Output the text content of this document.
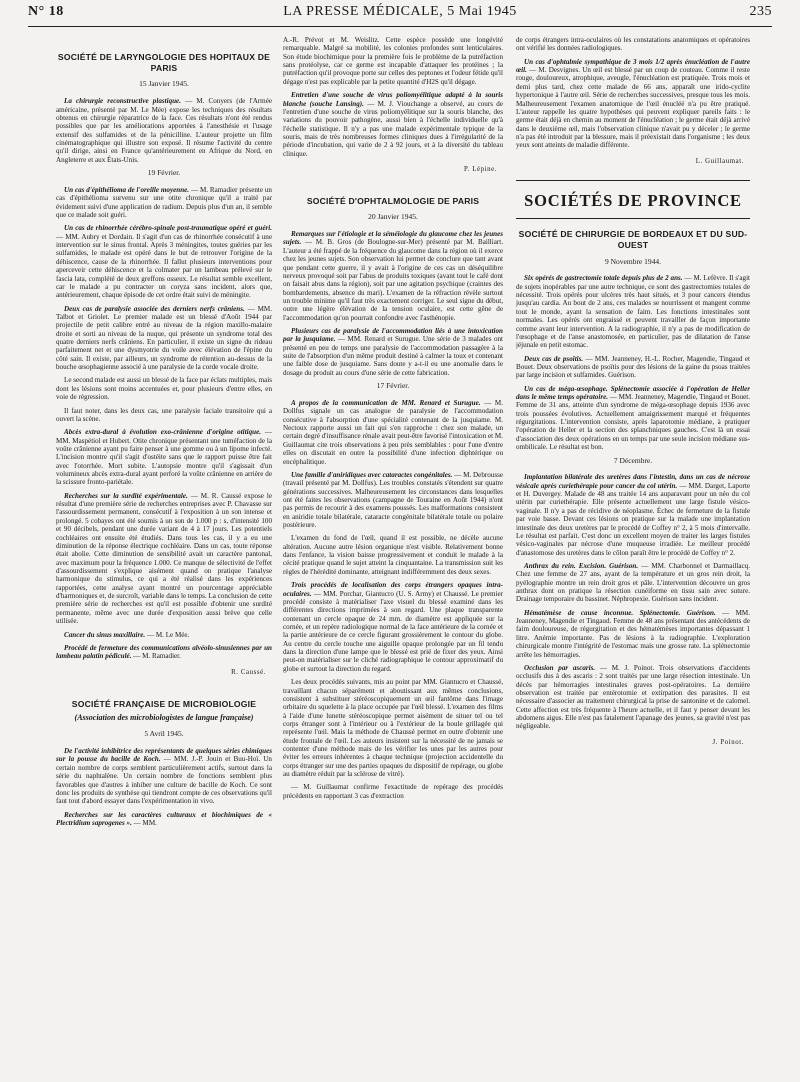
N° 18	LA PRESSE MÉDICALE, 5 Mai 1945	235
SOCIÉTÉ DE LARYNGOLOGIE DES HOPITAUX DE PARIS
15 Janvier 1945.

La chirurgie reconstructive plastique. — M. Conyers (de l'Armée américaine, présenté par M. Le Mée) expose les techniques des résultats obtenus en chirurgie réparatrice de la face. Ces résultats n'ont été rendus possibles que par les améliorations apportées à l'anesthésie et l'usage extensif des sulfamides et de la pénicilline. L'auteur projette un film cinématographique qui illustre son exposé. Il résume l'activité du centre qu'il dirige, ainsi en France qu'antérieurement en Afrique du Nord, en Angleterre et aux États-Unis.

19 Février.

Un cas d'épithélioma de l'oreille moyenne. — M. Ramadier présente un cas d'épithélioma survenu sur une otite chronique qu'il a traité par évidement suivi d'une application de radium. Depuis plus d'un an, il semble que ce malade soit guéri.

Un cas de rhinorrhée cérébro-spinale post-traumatique opéré et guéri. — MM. Aubry et Dordain. Il s'agit d'un cas de rhinorrhée consécutif à une intervention sur le sinus frontal. Après 3 méningites, toutes guéries par les sulfamides, le malade est opéré dans le but de retrouver l'origine de la déhiscence, cause de la rhinorrhée. Il fallut plusieurs interventions pour aperceveir cette déhiscence et la colmater par un lambeau prélevé sur le fascia lata, complété de deux greffons osseux. Le résultat semble excellent, car le malade a pu contracter un coryza sans incident, alors que, antérieurement, chaque épisode de cet ordre était suivi de méningite.

Deux cas de paralysie associée des derniers nerfs crâniens. — MM. Talbot et Griolet. Le premier malade est un blessé d'Août 1944 par projectile de petit calibre entré au niveau de la région maxillo-malaire droite et sorti au niveau de la nuque, qui présente un syndrome total des quatre derniers nerfs crâniens. En particulier, il existe un signe du rideau parfaitement net et une dysmyotrie du voile avec élévation de l'épine du côté sain. Il existe, par ailleurs, un syndrome de rétention au-dessus de la bouche œsophagienne associé à une paralysie de la corde vocale droite.

Le second malade est aussi un blessé de la face par éclats multiples, mais dont les lésions sont moins accentuées et, pour plusieurs d'entre elles, en voie de régression.

Il faut noter, dans les deux cas, une paralysie faciale transitoire qui a ouvert la scène.

Abcès extra-dural à évolution exo-crânienne d'origine otitique. — MM. Maspétiol et Hubert. Otite chronique présentant une tuméfaction de la voûte crânienne ayant pu faire penser à une gomme ou à un lipome infecté. L'incision montre qu'il s'agit d'ostéite sans que le rapport puisse être fait avec l'otorrhée. Mort subite. L'autopsie montre qu'il s'agissait d'un volumineux abcès extra-dural ayant perforé la voûte crânienne en arrière de la scissure fronto-pariétale.

Recherches sur la surdité expérimentale. — M. R. Caussé expose le résultat d'une première série de recherches entreprises avec P. Chavasse sur l'assourdissement permanent, consécutif à l'exposition à un son intense et prolongé. 5 cobayes ont été soumis à un son de 1.000 p : s, d'intensité 100 et 90 décibels, pendant une durée variant de 4 à 17 jours. Les potentiels cochléaires ont ensuite été étudiés. Dans tous les cas, il y a eu une diminution de la réponse électrique cochléaire. Dans un cas, toute réponse était abolie. Cette diminution de sensibilité avait un caractère pantonal, avec maximum pour la fréquence 1.000. Ce manque de sélectivité de l'effet d'assourdissement s'explique aisément quand on pratique l'analyse harmonique du stimulus, ce qui a été réalisé dans les expériences rapportées, cette analyse ayant montré un pourcentage appréciable d'harmoniques et, de surcroît, variable dans le temps. La conclusion de cette première série de recherches est qu'il est possible d'obtenir une surdité permanente, même avec une durée d'exposition aussi brève que celle utilisée.

Cancer du sinus maxillaire. — M. Le Mée.

Procédé de fermeture des communications alvéolo-sinusiennes par un lambeau palatin pédiculé. — M. Ramadier.

R. Caussé.
SOCIÉTÉ FRANÇAISE DE MICROBIOLOGIE
(Association des microbiologistes de langue française)
5 Avril 1945.

De l'activité inhibitrice des représentants de quelques séries chimiques sur la pousse du bacille de Koch. — MM. J.-P. Jouin et Buu-Hoï. Un certain nombre de corps semblent particulièrement actifs, surtout dans la série du naphtalène. Un certain nombre de fonctions semblent plus favorables que d'autres à inhiber une culture de bacille de Koch. Ce sont donc les produits de synthèse qui tiendront compte de ces observations qu'il faut tout d'abord essayer dans l'expérimentation in vivo.

Recherches sur les caractères culturaux et biochimiques de « Plectridium saprogenes ». — MM.

A.-R. Prévot et M. Weislitz. Cette espèce possède une longévité remarquable. Malgré sa mobilité, les colonies profondes sont lenticulaires. Son étude biochimique pour la première fois le problème de la putréfaction sans protéolyse, car ce germe est incapable d'attaquer les protéines ; la putréfaction qu'il provoque porte sur celles des peptones et l'odeur fétide qu'il dégage n'est pas explicable par la petite quantité d'H2S qu'il dégage.

Entretien d'une souche de virus poliomyélitique adapté à la souris blanche (souche Lansing). — M. J. Viouchange a observé, au cours de l'entretien d'une souche de virus poliomyélitique sur la souris blanche, des variations du pouvoir pathogène, aussi bien à l'échelle individuelle qu'à l'échelle statistique. Il n'y a pas une malade expérimentale typique de la souris, mais de très nombreuses formes cliniques dues à l'irrégularité de la période d'incubation, qui varie de 2 à 92 jours, et à la diversité du tableau clinique.

P. Lépine.
SOCIÉTÉ D'OPHTALMOLOGIE DE PARIS
20 Janvier 1945.

Remarques sur l'étiologie et la séméiologie du glaucome chez les jeunes sujets. — M. B. Gros (de Boulogne-sur-Mer) présenté par M. Bailliart. L'auteur a été frappé de la fréquence du glaucome dans la région où il exerce chez les jeunes sujets. Son observation lui permet de conclure que tant avant que pendant cette guerre, il y avait à l'origine de ces cas un déséquilibre nerveux provoqué soit par l'abus de produits toxiques (avant tout le café dont on faisait abus dans la région), soit par une agitation psychique (craintes des bombardements, absence du mari). L'examen de la réfraction révèle surtout un trouble minime qu'il faut très exactement corriger. Le seul signe du début, outre une légère élévation de la tension oculaire, est cette gêne de l'accommodation qu'on pourrait confondre avec l'asthénopie.

Plusieurs cas de paralysie de l'accommodation liés à une intoxication par la jusquiame. — MM. Renard et Surugue. Une série de 3 malades ont présenté en peu de temps une paralysie de l'accommodation passagère à la suite de l'absorption d'un même produit destiné à calmer la toux et contenant une faible dose de jusquiame. Sans doute y a-t-il eu une anomalie dans le dosage du produit au cours d'une série de cette fabrication.

17 Février.

A propos de la communication de MM. Renard et Surugue. — M. Dollfus signale un cas analogue de paralysie de l'accommodation consécutive à l'absorption d'une spécialité contenant de la jusquiame. M. Nectoux rapporte aussi un fait qui s'en rapproche : chez son malade, un certain degré d'insuffisance rénale avait peut-être favorisé l'intoxication et M. Guillaumat cite trois observations à peu près semblables : pour l'une d'entre elles on discutait en outre la possibilité d'une infection diphtérique ou encéphalitique.

Une famille d'aniridiques avec cataractes congénitales. — M. Debrousse (travail présenté par M. Dollfus). Les troubles constatés s'étendent sur quatre générations successives. Malheureusement les circonstances dans lesquelles ont été faites les observations (campagne de Touraine en Août 1944) n'ont pas permis de recourir à des examens poussés. Les malformations consistent en aniridie totale bilatérale, cataracte congénitale bilatérale totale ou polaire postérieure.

L'examen du fond de l'œil, quand il est possible, ne décèle aucune altération. Aucune autre lésion organique n'est visible. Relativement bonne dans l'enfance, la vision baisse progressivement et conduit le malade à la cécité pratique quand le sujet atteint la cinquantaine. La transmission suit les règles de l'hérédité dominante, atteignant indifféremment des deux sexes.

Trois procédés de localisation des corps étrangers opaques intra-oculaires. — MM. Porchar, Giantucro (U. S. Army) et Chaussé. Le premier procédé consiste à matérialiser l'axe visuel du blessé examiné dans les différentes directions imprimées à son regard. Une plaque transparente contenant un cercle opaque de 24 mm. de diamètre est appliquée sur la cornée, et un repère radiologique normal de la face antérieure de la cornée et la partie antérieure de ce cercle figurant grossièrement le contour du globe. Au centre du cercle touche une aiguille opaque prolongée par un fil tendu dans la direction d'une lampe que le blessé est prié de fixer des yeux. Ainsi peut-on matérialiser sur le cliché radiographique le contour approximatif du globe et surtout la direction du regard.

Les deux procédés suivants, mis au point par MM. Giantucro et Chaussé, travaillant chacun séparément et aboutissant aux mêmes conclusions, consistent à substituer stéréoscopiquement un œil fantôme dans l'image orbitaire du squelette à la place occupée par l'œil blessé. L'examen des films à l'aide d'une lunette stéréoscopique permet aisément de situer tel ou tel corps étranger sont à l'intérieur ou à l'extérieur de la boule grillagée qui représente l'œil. Mais la méthode de Chaussé permet en outre d'obtenir une étude frontale de l'œil. Les auteurs insistent sur la nécessité de ne jamais se contenter d'une méthode mais de les vérifier les unes par les autres pour éviter les erreurs inhérentes à chaque technique (projection accidentelle du corps étranger sur une des parties opaques du dispositif de repérage, ou globe au diamètre réduit par la sclérose de vitré).

— M. Guillaumat confirme l'exactitude de repérage des procédés précédents en rapportant 3 cas d'extraction

de corps étrangers intra-oculaires où les constatations anatomiques et opératoires ont vérifié les données radiologiques.

Un cas d'ophtalmie sympathique de 3 mois 1/2 après énucléation de l'autre œil. — M. Desvignes. Un œil est blessé par un coup de couteau. Comme il reste rouge, douloureux, atrophique, aveugle, l'énucléation est pratiquée. Trois mois et demi plus tard, chez cette malade de 66 ans, apparaît une irido-cyclite hypertonique à l'autre œil. Série de recherches successives, presque tous les mois. Malheureusement l'examen anatomique de l'œil énucléé n'a pu être pratiqué. L'auteur rappelle les quatre hypothèses qui peuvent expliquer pareils faits : le germe était déjà en chemin au moment de l'énucléation ; le germe était déjà arrivé dans le deuxième œil, mais l'observation clinique n'avait pu y déceler ; le germe n'a pas été introduit par la blessure, mais il préexistait dans l'organisme ; les deux yeux sont atteints de maladie différente.

L. Guillaumat.
SOCIÉTÉS DE PROVINCE
SOCIÉTÉ DE CHIRURGIE DE BORDEAUX ET DU SUD-OUEST
9 Novembre 1944.

Six opérés de gastrectomie totale depuis plus de 2 ans. — M. Lefèvre. Il s'agit de sujets inopérables par une autre technique, ce sont des gastrectomies totales de nécessité. Trois opérés pour ulcères très haut situés, et 3 pour cancers étendus jusqu'au cardia. Au bout de 2 ans, ces malades se nourrissent et mangent comme tout le monde, ayant la sensation de faim. Les fonctions intestinales sont normales. Les opérés ont engraissé et peuvent travailler de façon importante comme avant leur intervention. A la radiographie, il n'y a pas de modification de l'œsophage et de l'anse anastomosée, en particulier, pas de dilatation de l'anse jéjunale en petit estomac.

Deux cas de psoïtis. — MM. Jeanneney, H.-L. Rocher, Magendie, Tingaud et Bouet. Deux observations de psoïtis pour des lésions de la gaine du psoas traitées par large incision et sulfamides. Guérison.

Un cas de méga-œsophage. Splénectomie associée à l'opération de Heller dans le même temps opératoire. — MM. Jeanneney, Magendie, Tingaud et Bouet. Femme de 31 ans, atteinte d'un syndrome de méga-œsophage depuis 1936 avec trois poussées évolutives. Actuellement amaigrissement marqué et fréquentes régurgitations. L'intervention consiste, après laparotomie médiane, à pratiquer l'opération de Heller et la section des splanchniques gauches. C'est là un essai d'association des deux opérations en un temps par une seule incision médiane sus-ombilicale. Le résultat est bon.

7 Décembre.

Implantation bilatérale des uretères dans l'intestin, dans un cas de nécrose vésicale après curiethérapie pour cancer du col utérin. — MM. Darget, Laporte et H. Duvergey. Malade de 48 ans traitée 14 ans auparavant pour un néo du col utérin par curiethérapie. Elle présente actuellement une large fistule vésico-vaginale. Il n'y a pas de récidive de néoplasme. Échec de fermeture de la fistule par voie basse. Devant ces lésions on pratique sur la malade une implantation intestinale des deux uretères par le procédé de Coffey n° 2, à 5 mois d'intervalle. Le résultat est parfait. C'est donc un excellent moyen de traiter les larges fistules vésico-vaginales par nécrose d'une muqueuse irradiée. Le meilleur procédé d'anastomose des uretères dans le côlon paraît être le procédé de Coffey n° 2.

Anthrax du rein. Excision. Guérison. — MM. Charbonnel et Darmaillacq. Chez une femme de 27 ans, ayant de la température et un gros rein droit, la pyélographie montre un rein droit gros et pâle. L'intervention découvre un gros anthrax dont on pratique la résection cunéiforme en tissu sain avec suture. Drainage temporaire du bassinet. Néphropexie. Guérison sans incident.

Hématémèse de cause inconnue. Splénectomie. Guérison. — MM. Jeanneney, Magendie et Tingaud. Femme de 48 ans présentant des antécédents de faim douloureuse, de régurgitation et des hématémèses importantes dépassant 1 litre. Anémie importante. Pas de lésions à la radiographie. L'exploration chirurgicale montre l'intégrité de l'estomac mais une grosse rate. La splénectomie arrête les hémorragies.

Occlusion par ascaris. — M. J. Poinot. Trois observations d'accidents occlusifs dus à des ascaris : 2 sont traités par une large résection intestinale. Un décès par hémorragies intestinales graves post-opératoires. La dernière observation est traitée par entérotomie et extirpation des parasites. Il est nécessaire d'associer au traitement chirurgical la prise de santonine et de calomel. Cette affection est très fréquente à l'heure actuelle, et il faut y penser devant les abdomens aigus. Elle n'est pas fatalement l'apanage des jeunes, sa gravité n'est pas négligeable.

J. Poinot.
